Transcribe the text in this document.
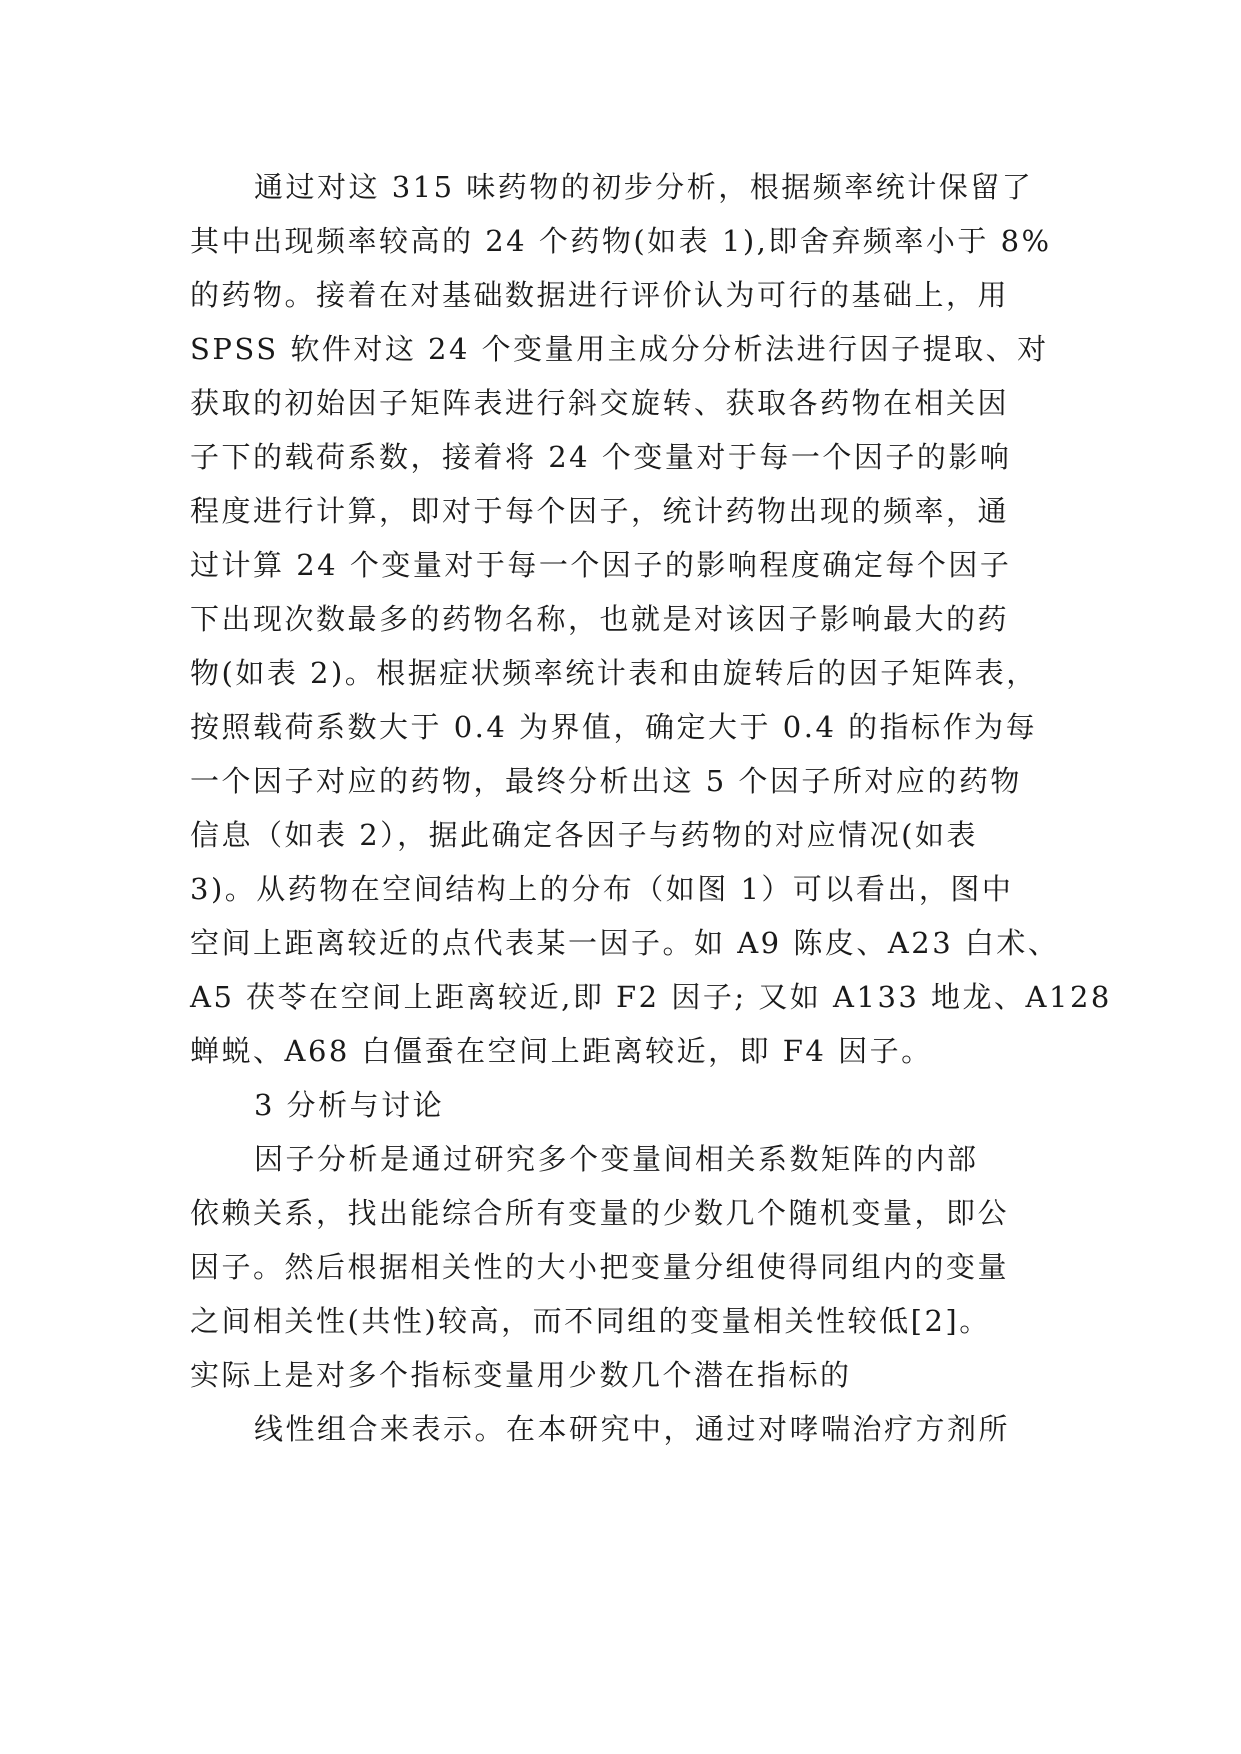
通过对这 315 味药物的初步分析，根据频率统计保留了
其中出现频率较高的 24 个药物(如表 1),即舍弃频率小于 8%
的药物。接着在对基础数据进行评价认为可行的基础上，用
SPSS 软件对这 24 个变量用主成分分析法进行因子提取、对
获取的初始因子矩阵表进行斜交旋转、获取各药物在相关因
子下的载荷系数，接着将 24 个变量对于每一个因子的影响
程度进行计算，即对于每个因子，统计药物出现的频率，通
过计算 24 个变量对于每一个因子的影响程度确定每个因子
下出现次数最多的药物名称，也就是对该因子影响最大的药
物(如表 2)。根据症状频率统计表和由旋转后的因子矩阵表，
按照载荷系数大于 0.4 为界值，确定大于 0.4 的指标作为每
一个因子对应的药物，最终分析出这 5 个因子所对应的药物
信息（如表 2），据此确定各因子与药物的对应情况(如表
3)。从药物在空间结构上的分布（如图 1）可以看出，图中
空间上距离较近的点代表某一因子。如 A9 陈皮、A23 白术、
A5 茯苓在空间上距离较近,即 F2 因子; 又如 A133 地龙、A128
蝉蜕、A68 白僵蚕在空间上距离较近，即 F4 因子。
3 分析与讨论
因子分析是通过研究多个变量间相关系数矩阵的内部
依赖关系，找出能综合所有变量的少数几个随机变量，即公
因子。然后根据相关性的大小把变量分组使得同组内的变量
之间相关性(共性)较高，而不同组的变量相关性较低[2]。
实际上是对多个指标变量用少数几个潜在指标的
线性组合来表示。在本研究中，通过对哮喘治疗方剂所
